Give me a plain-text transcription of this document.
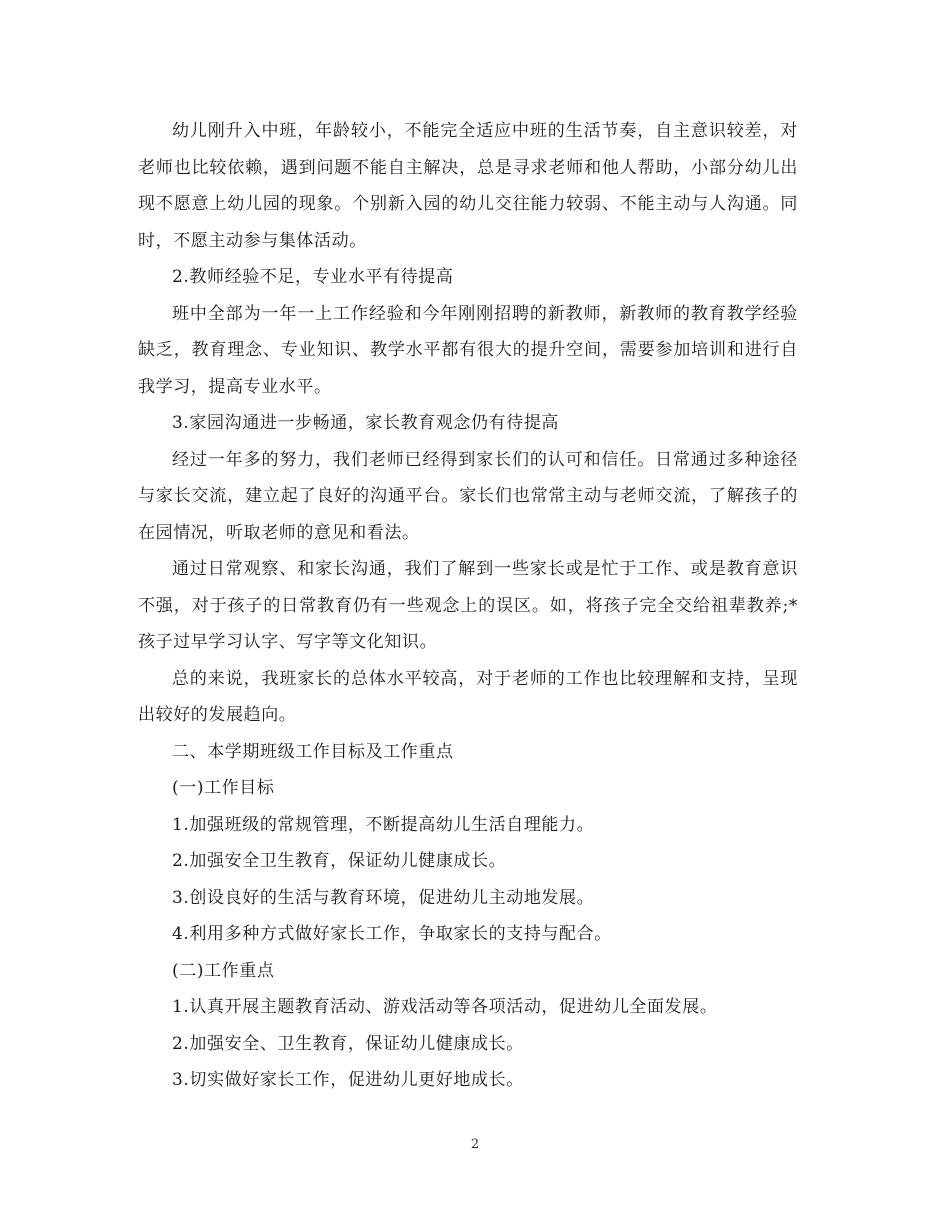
幼儿刚升入中班，年龄较小，不能完全适应中班的生活节奏，自主意识较差，对老师也比较依赖，遇到问题不能自主解决，总是寻求老师和他人帮助，小部分幼儿出现不愿意上幼儿园的现象。个别新入园的幼儿交往能力较弱、不能主动与人沟通。同时，不愿主动参与集体活动。

2.教师经验不足，专业水平有待提高

班中全部为一年一上工作经验和今年刚刚招聘的新教师，新教师的教育教学经验缺乏，教育理念、专业知识、教学水平都有很大的提升空间，需要参加培训和进行自我学习，提高专业水平。

3.家园沟通进一步畅通，家长教育观念仍有待提高

经过一年多的努力，我们老师已经得到家长们的认可和信任。日常通过多种途径与家长交流，建立起了良好的沟通平台。家长们也常常主动与老师交流，了解孩子的在园情况，听取老师的意见和看法。

通过日常观察、和家长沟通，我们了解到一些家长或是忙于工作、或是教育意识不强，对于孩子的日常教育仍有一些观念上的误区。如，将孩子完全交给祖辈教养;*孩子过早学习认字、写字等文化知识。

总的来说，我班家长的总体水平较高，对于老师的工作也比较理解和支持，呈现出较好的发展趋向。

二、本学期班级工作目标及工作重点

(一)工作目标

1.加强班级的常规管理，不断提高幼儿生活自理能力。

2.加强安全卫生教育，保证幼儿健康成长。

3.创设良好的生活与教育环境，促进幼儿主动地发展。

4.利用多种方式做好家长工作，争取家长的支持与配合。

(二)工作重点

1.认真开展主题教育活动、游戏活动等各项活动，促进幼儿全面发展。

2.加强安全、卫生教育，保证幼儿健康成长。

3.切实做好家长工作，促进幼儿更好地成长。

2
